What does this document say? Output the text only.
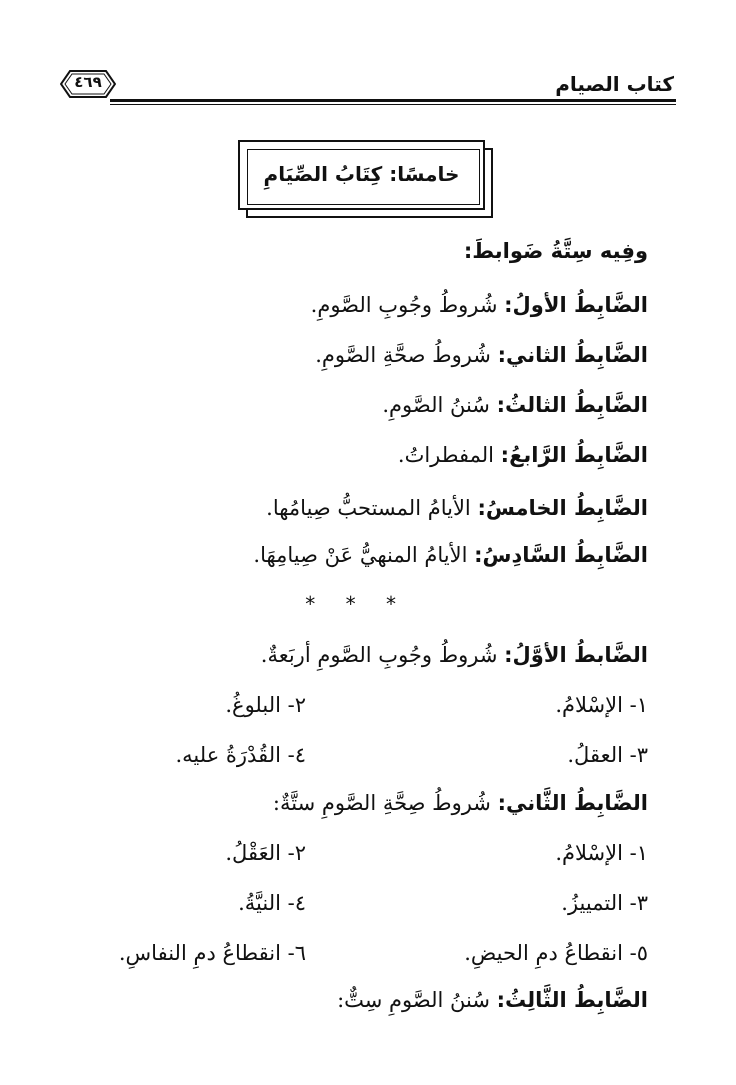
كتاب الصيام
٤٦٩
خامسًا: كِتَابُ الصِّيَامِ
وفِيه سِتَّةُ ضَوابطَ:
الضَّابِطُ الأولُ: شُروطُ وجُوبِ الصَّومِ.
الضَّابِطُ الثاني: شُروطُ صحَّةِ الصَّومِ.
الضَّابِطُ الثالثُ: سُننُ الصَّومِ.
الضَّابِطُ الرَّابعُ: المفطراتُ.
الضَّابِطُ الخامسُ: الأيامُ المستحبُّ صِيامُها.
الضَّابِطُ السَّادِسُ: الأيامُ المنهيُّ عَنْ صِيامِهَا.
* * *
الضَّابطُ الأوَّلُ: شُروطُ وجُوبِ الصَّومِ أربَعةٌ.
١- الإسْلامُ.
٢- البلوغُ.
٣- العقلُ.
٤- القُدْرَةُ عليه.
الضَّابِطُ الثَّاني: شُروطُ صِحَّةِ الصَّومِ ستَّةٌ:
١- الإسْلامُ.
٢- العَقْلُ.
٣- التمييزُ.
٤- النيَّةُ.
٥- انقطاعُ دمِ الحيضِ.
٦- انقطاعُ دمِ النفاسِ.
الضَّابِطُ الثَّالِثُ: سُننُ الصَّومِ سِتٌّ:
